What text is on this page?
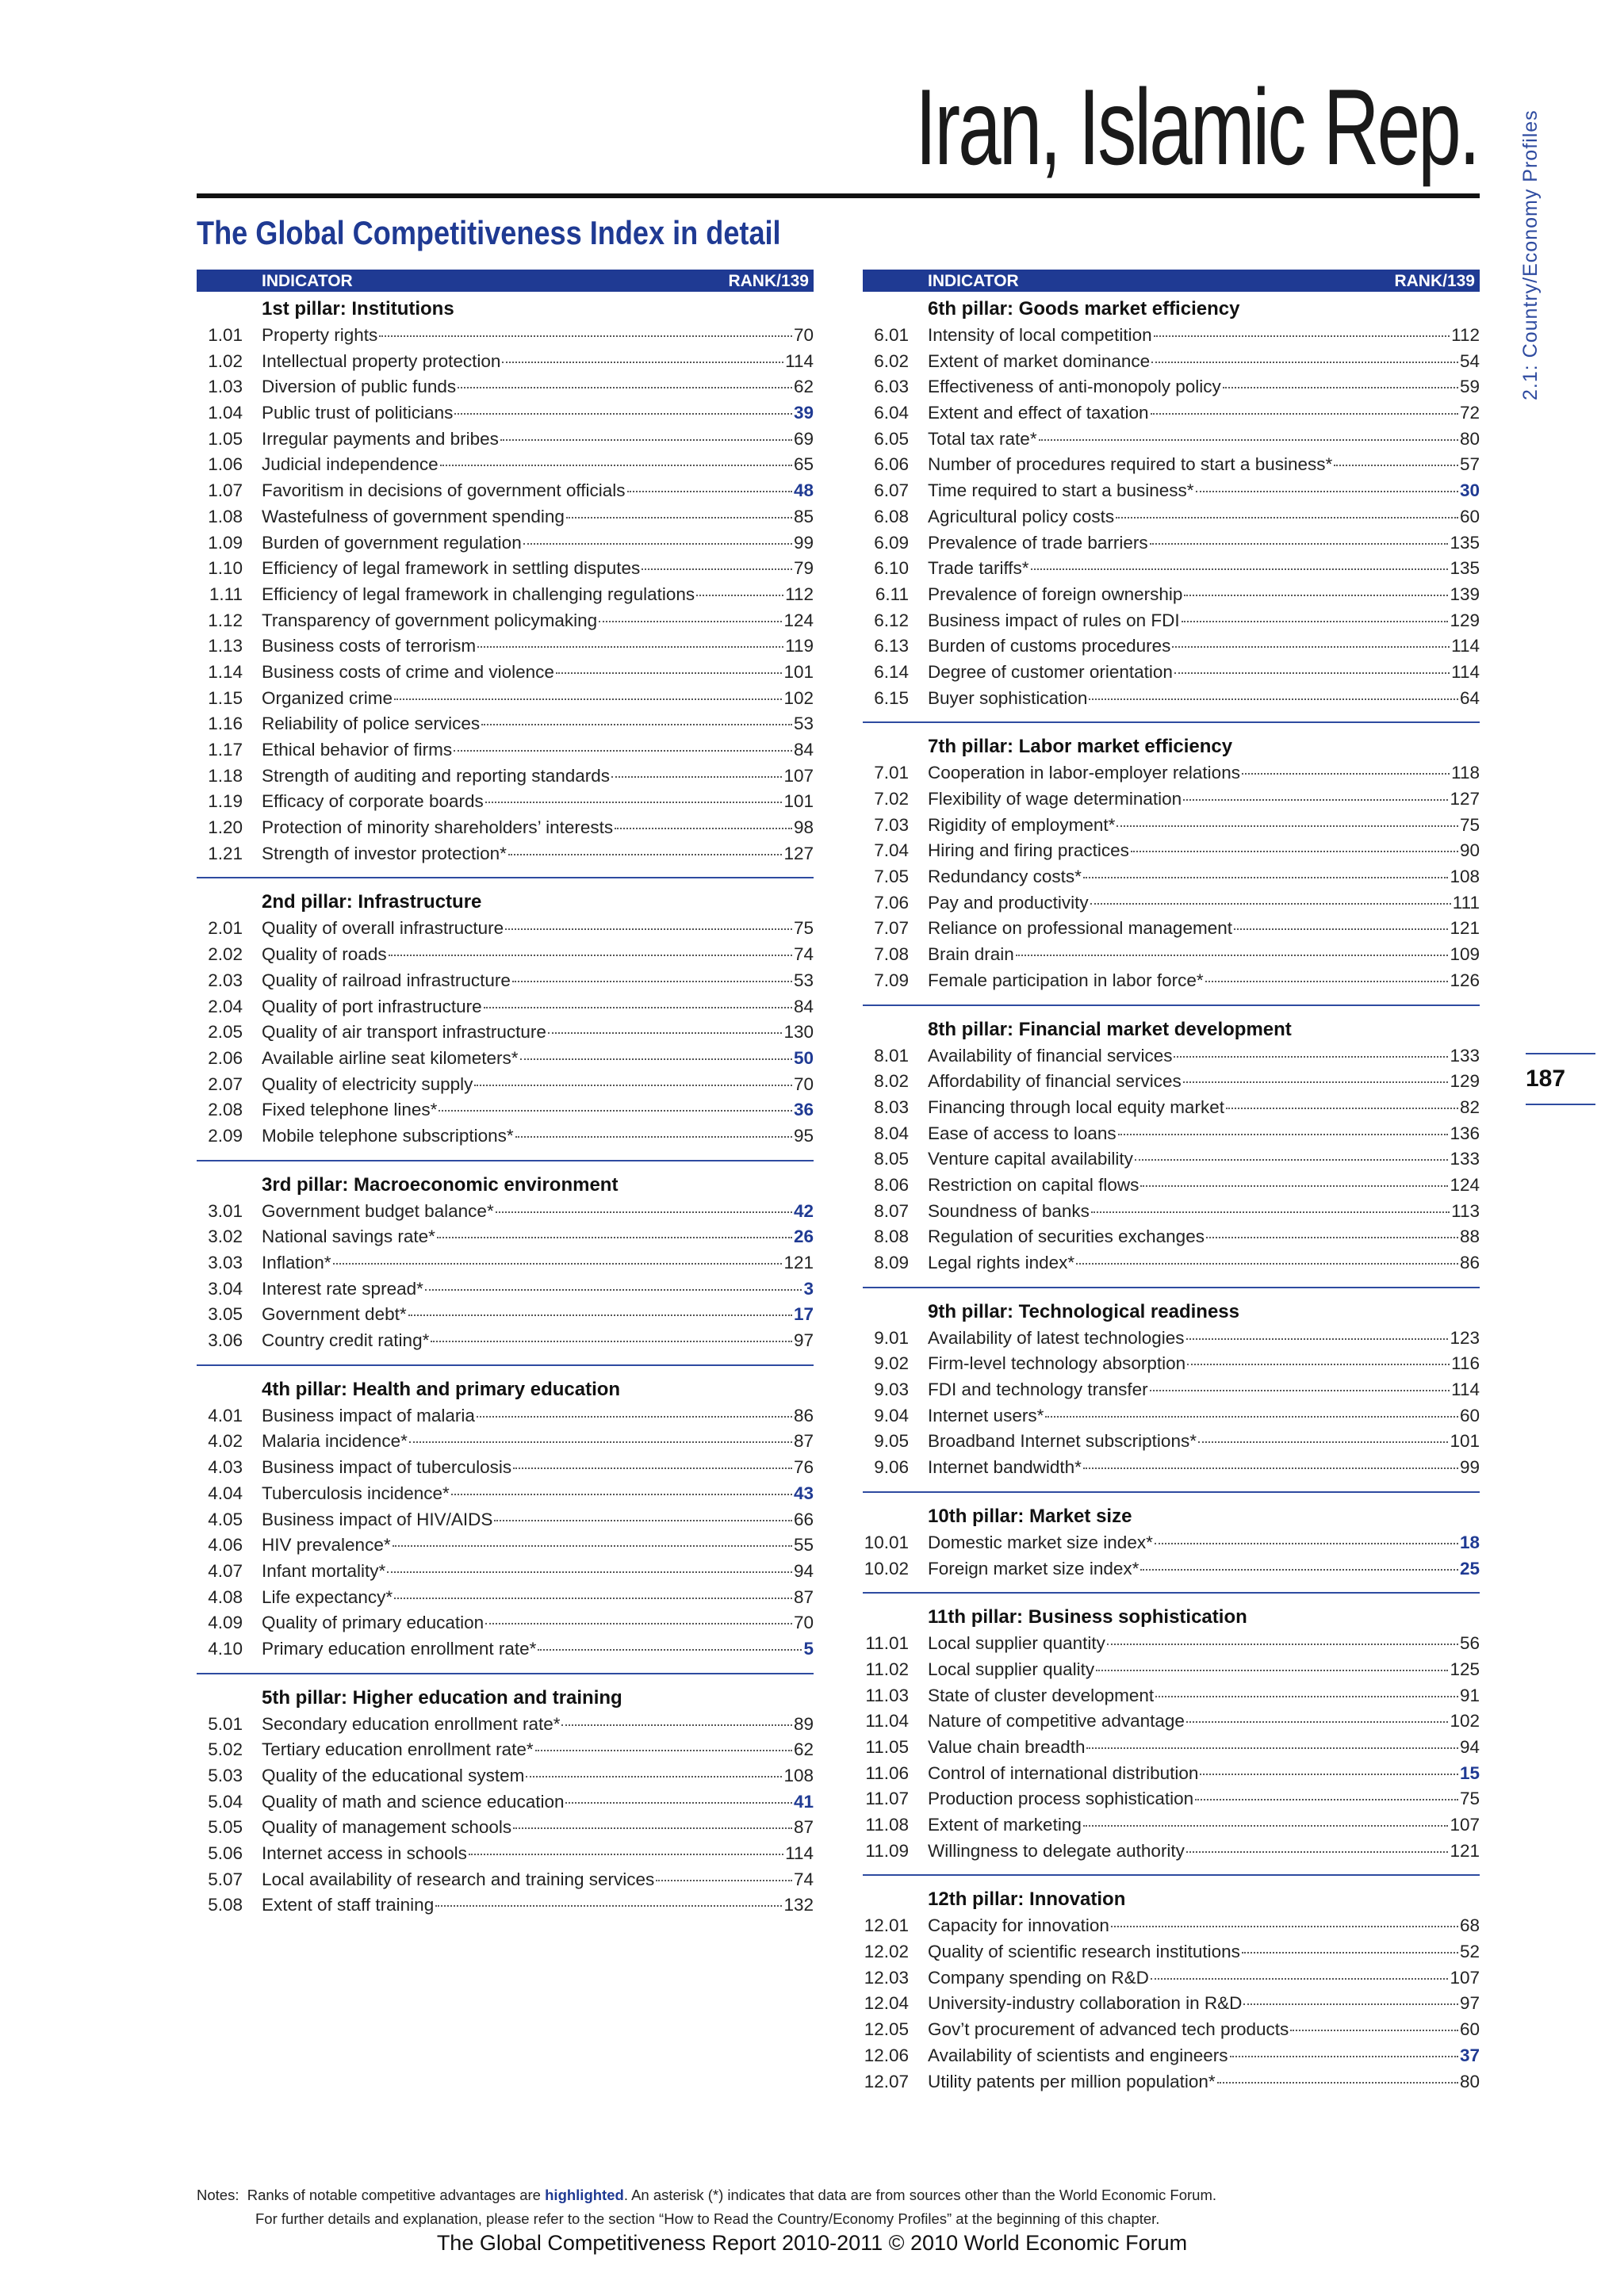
Iran, Islamic Rep.
The Global Competitiveness Index in detail	2.1: Country/Economy Profiles
187
INDICATOR	RANK/139
1st pillar: Institutions
1.01 Property rights	70
1.02 Intellectual property protection	114
1.03 Diversion of public funds	62
1.04 Public trust of politicians	39
1.05 Irregular payments and bribes	69
1.06 Judicial independence	65
1.07 Favoritism in decisions of government officials	48
1.08 Wastefulness of government spending	85
1.09 Burden of government regulation	99
1.10 Efficiency of legal framework in settling disputes	79
1.11 Efficiency of legal framework in challenging regulations	112
1.12 Transparency of government policymaking	124
1.13 Business costs of terrorism	119
1.14 Business costs of crime and violence	101
1.15 Organized crime	102
1.16 Reliability of police services	53
1.17 Ethical behavior of firms	84
1.18 Strength of auditing and reporting standards	107
1.19 Efficacy of corporate boards	101
1.20 Protection of minority shareholders’ interests	98
1.21 Strength of investor protection*	127
2nd pillar: Infrastructure
2.01 Quality of overall infrastructure	75
2.02 Quality of roads	74
2.03 Quality of railroad infrastructure	53
2.04 Quality of port infrastructure	84
2.05 Quality of air transport infrastructure	130
2.06 Available airline seat kilometers*	50
2.07 Quality of electricity supply	70
2.08 Fixed telephone lines*	36
2.09 Mobile telephone subscriptions*	95
3rd pillar: Macroeconomic environment
3.01 Government budget balance*	42
3.02 National savings rate*	26
3.03 Inflation*	121
3.04 Interest rate spread*	3
3.05 Government debt*	17
3.06 Country credit rating*	97
4th pillar: Health and primary education
4.01 Business impact of malaria	86
4.02 Malaria incidence*	87
4.03 Business impact of tuberculosis	76
4.04 Tuberculosis incidence*	43
4.05 Business impact of HIV/AIDS	66
4.06 HIV prevalence*	55
4.07 Infant mortality*	94
4.08 Life expectancy*	87
4.09 Quality of primary education	70
4.10 Primary education enrollment rate*	5
5th pillar: Higher education and training
5.01 Secondary education enrollment rate*	89
5.02 Tertiary education enrollment rate*	62
5.03 Quality of the educational system	108
5.04 Quality of math and science education	41
5.05 Quality of management schools	87
5.06 Internet access in schools	114
5.07 Local availability of research and training services	74
5.08 Extent of staff training	132
INDICATOR	RANK/139
6th pillar: Goods market efficiency
6.01 Intensity of local competition	112
6.02 Extent of market dominance	54
6.03 Effectiveness of anti-monopoly policy	59
6.04 Extent and effect of taxation	72
6.05 Total tax rate*	80
6.06 Number of procedures required to start a business*	57
6.07 Time required to start a business*	30
6.08 Agricultural policy costs	60
6.09 Prevalence of trade barriers	135
6.10 Trade tariffs*	135
6.11 Prevalence of foreign ownership	139
6.12 Business impact of rules on FDI	129
6.13 Burden of customs procedures	114
6.14 Degree of customer orientation	114
6.15 Buyer sophistication	64
7th pillar: Labor market efficiency
7.01 Cooperation in labor-employer relations	118
7.02 Flexibility of wage determination	127
7.03 Rigidity of employment*	75
7.04 Hiring and firing practices	90
7.05 Redundancy costs*	108
7.06 Pay and productivity	111
7.07 Reliance on professional management	121
7.08 Brain drain	109
7.09 Female participation in labor force*	126
8th pillar: Financial market development
8.01 Availability of financial services	133
8.02 Affordability of financial services	129
8.03 Financing through local equity market	82
8.04 Ease of access to loans	136
8.05 Venture capital availability	133
8.06 Restriction on capital flows	124
8.07 Soundness of banks	113
8.08 Regulation of securities exchanges	88
8.09 Legal rights index*	86
9th pillar: Technological readiness
9.01 Availability of latest technologies	123
9.02 Firm-level technology absorption	116
9.03 FDI and technology transfer	114
9.04 Internet users*	60
9.05 Broadband Internet subscriptions*	101
9.06 Internet bandwidth*	99
10th pillar: Market size
10.01 Domestic market size index*	18
10.02 Foreign market size index*	25
11th pillar: Business sophistication
11.01 Local supplier quantity	56
11.02 Local supplier quality	125
11.03 State of cluster development	91
11.04 Nature of competitive advantage	102
11.05 Value chain breadth	94
11.06 Control of international distribution	15
11.07 Production process sophistication	75
11.08 Extent of marketing	107
11.09 Willingness to delegate authority	121
12th pillar: Innovation
12.01 Capacity for innovation	68
12.02 Quality of scientific research institutions	52
12.03 Company spending on R&D	107
12.04 University-industry collaboration in R&D	97
12.05 Gov’t procurement of advanced tech products	60
12.06 Availability of scientists and engineers	37
12.07 Utility patents per million population*	80
Notes: Ranks of notable competitive advantages are highlighted. An asterisk (*) indicates that data are from sources other than the World Economic Forum.
For further details and explanation, please refer to the section “How to Read the Country/Economy Profiles” at the beginning of this chapter.
The Global Competitiveness Report 2010-2011 © 2010 World Economic Forum
